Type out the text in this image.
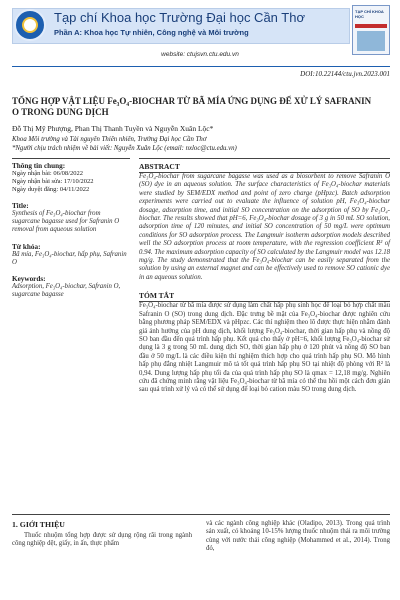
Tạp chí Khoa học Trường Đại học Cần Thơ
Phần A: Khoa học Tự nhiên, Công nghệ và Môi trường
website: ctujsvn.ctu.edu.vn
TẠP CHÍ KHOA HỌC
DOI:10.22144/ctu.jvn.2023.001
TỔNG HỢP VẬT LIỆU Fe₃O₄-BIOCHAR TỪ BÃ MÍA ỨNG DỤNG ĐỂ XỬ LÝ SAFRANIN O TRONG DUNG DỊCH
Đỗ Thị Mỹ Phượng, Phan Thị Thanh Tuyền và Nguyễn Xuân Lộc*
Khoa Môi trường và Tài nguyên Thiên nhiên, Trường Đại học Cần Thơ
*Người chịu trách nhiệm về bài viết: Nguyễn Xuân Lộc (email: nxloc@ctu.edu.vn)
Thông tin chung:
Ngày nhận bài: 06/08/2022
Ngày nhận bài sửa: 17/10/2022
Ngày duyệt đăng: 04/11/2022
Title:
Synthesis of Fe₃O₄-biochar from sugarcane bagasse used for Safranin O removal from aqueous solution
Từ khóa:
Bã mía, Fe₃O₄-biochar, hấp phụ, Safranin O
Keywords:
Adsorption, Fe₃O₄-biochar, Safranin O, sugarcane bagasse
ABSTRACT
Fe₃O₄-biochar from sugarcane bagasse was used as a biosorbent to remove Safranin O (SO) dye in an aqueous solution. The surface characteristics of Fe₃O₄-biochar materials were studied by SEM/EDX method and point of zero charge (pHpzc). Batch adsorption experiments were carried out to evaluate the influence of solution pH, Fe₃O₄-biochar dosage, adsorption time, and initial SO concentration on the adsorption of SO by Fe₃O₄-biochar. The results showed that pH=6, Fe₃O₄-biochar dosage of 3 g in 50 mL SO solution, adsorption time of 120 minutes, and initial SO concentration of 50 mg/L were optimum conditions for SO adsorption process. The Langmuir isotherm adsorption models described well the SO adsorption process at room temperature, with the regression coefficient R² of 0.94. The maximum adsorption capacity of SO calculated by the Langmuir model was 12.18 mg/g. The study demonstrated that the Fe₃O₄-biochar can be easily separated from the solution by using an external magnet and can be effectively used to remove SO cationic dye in an aqueous solution.
TÓM TẮT
Fe₃O₄-biochar từ bã mía được sử dụng làm chất hấp phụ sinh học để loại bỏ hợp chất màu Safranin O (SO) trong dung dịch. Đặc trưng bề mặt của Fe₃O₄-biochar được nghiên cứu bằng phương pháp SEM/EDX và pHpzc. Các thí nghiệm theo lô được thực hiện nhằm đánh giá ảnh hưởng của pH dung dịch, khối lượng Fe₃O₄-biochar, thời gian hấp phụ và nồng độ SO ban đầu đến quá trình hấp phụ. Kết quả cho thấy ở pH=6, khối lượng Fe₃O₄-biochar sử dụng là 3 g trong 50 mL dung dịch SO, thời gian hấp phụ ở 120 phút và nồng độ SO ban đầu ở 50 mg/L là các điều kiện thí nghiệm thích hợp cho quá trình hấp phụ SO. Mô hình hấp phụ đẳng nhiệt Langmuir mô tả tốt quá trình hấp phụ SO tại nhiệt độ phòng với R² là 0,94. Dung lượng hấp phụ tối đa của quá trình hấp phụ SO là qmax = 12,18 mg/g. Nghiên cứu đã chứng minh rằng vật liệu Fe₃O₄-biochar từ bã mía có thể thu hồi một cách đơn giản sau quá trình xử lý và có thể sử dụng để loại bỏ cation màu SO trong dung dịch.
1. GIỚI THIỆU
Thuốc nhuộm tổng hợp được sử dụng rộng rãi trong ngành công nghiệp dệt, giấy, in ấn, thực phẩm
và các ngành công nghiệp khác (Oladipo, 2013). Trong quá trình sản xuất, có khoảng 10-15% lượng thuốc nhuộm thải ra môi trường cùng với nước thải công nghiệp (Mohammed et al., 2014). Trong đó,
